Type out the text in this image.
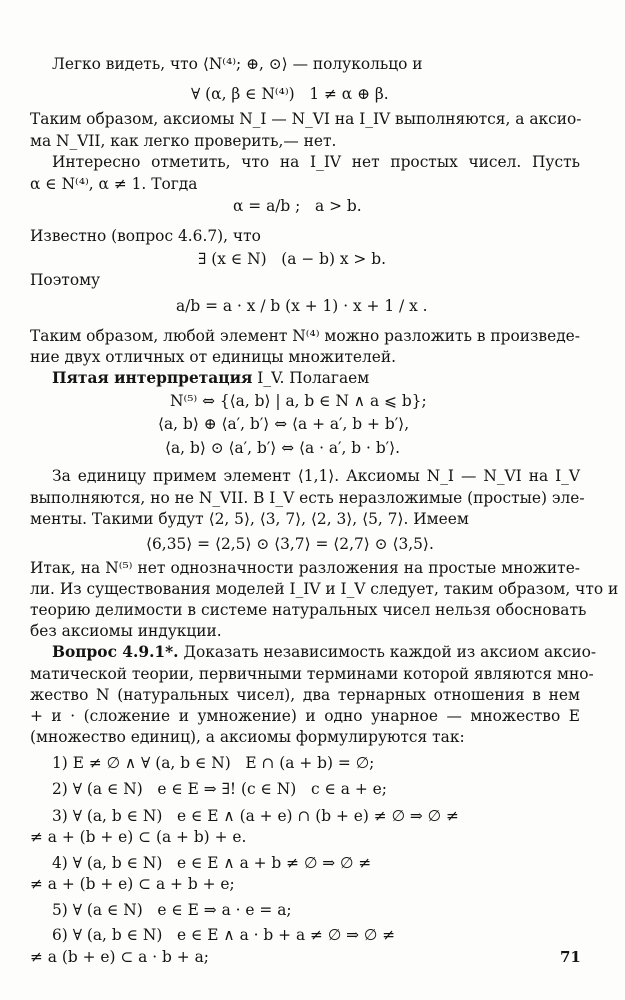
Легко видеть, что ⟨N⁽⁴⁾; ⊕, ⊙⟩ — полукольцо и
∀ (α, β ∈ N⁽⁴⁾)   1 ≠ α ⊕ β.
Таким образом, аксиомы N_I — N_VI на I_IV выполняются, а аксио-
ма N_VII, как легко проверить,— нет.
Интересно отметить, что на I_IV нет простых чисел. Пусть
α ∈ N⁽⁴⁾, α ≠ 1. Тогда
α = a/b ;   a > b.
Известно (вопрос 4.6.7), что
∃ (x ∈ N)   (a − b) x > b.
Поэтому
a/b = a · x / b (x + 1) · x + 1 / x .
Таким образом, любой элемент N⁽⁴⁾ можно разложить в произведе-
ние двух отличных от единицы множителей.
Пятая интерпретация I_V. Полагаем
N⁽⁵⁾ ⇔ {⟨a, b⟩ | a, b ∈ N ∧ a ⩽ b};
⟨a, b⟩ ⊕ ⟨a′, b′⟩ ⇔ ⟨a + a′, b + b′⟩,
⟨a, b⟩ ⊙ ⟨a′, b′⟩ ⇔ ⟨a · a′, b · b′⟩.
За единицу примем элемент ⟨1,1⟩. Аксиомы N_I — N_VI на I_V
выполняются, но не N_VII. В I_V есть неразложимые (простые) эле-
менты. Такими будут ⟨2, 5⟩, ⟨3, 7⟩, ⟨2, 3⟩, ⟨5, 7⟩. Имеем
⟨6,35⟩ = ⟨2,5⟩ ⊙ ⟨3,7⟩ = ⟨2,7⟩ ⊙ ⟨3,5⟩.
Итак, на N⁽⁵⁾ нет однозначности разложения на простые множите-
ли. Из существования моделей I_IV и I_V следует, таким образом, что и
теорию делимости в системе натуральных чисел нельзя обосновать
без аксиомы индукции.
Вопрос 4.9.1*. Доказать независимость каждой из аксиом аксио-
матической теории, первичными терминами которой являются мно-
жество N (натуральных чисел), два тернарных отношения в нем
+ и · (сложение и умножение) и одно унарное — множество E
(множество единиц), а аксиомы формулируются так:
1) E ≠ ∅ ∧ ∀ (a, b ∈ N)   E ∩ (a + b) = ∅;
2) ∀ (a ∈ N)   e ∈ E ⇒ ∃! (c ∈ N)   c ∈ a + e;
3) ∀ (a, b ∈ N)   e ∈ E ∧ (a + e) ∩ (b + e) ≠ ∅ ⇒ ∅ ≠
≠ a + (b + e) ⊂ (a + b) + e.
4) ∀ (a, b ∈ N)   e ∈ E ∧ a + b ≠ ∅ ⇒ ∅ ≠
≠ a + (b + e) ⊂ a + b + e;
5) ∀ (a ∈ N)   e ∈ E ⇒ a · e = a;
6) ∀ (a, b ∈ N)   e ∈ E ∧ a · b + a ≠ ∅ ⇒ ∅ ≠
≠ a (b + e) ⊂ a · b + a;	71
